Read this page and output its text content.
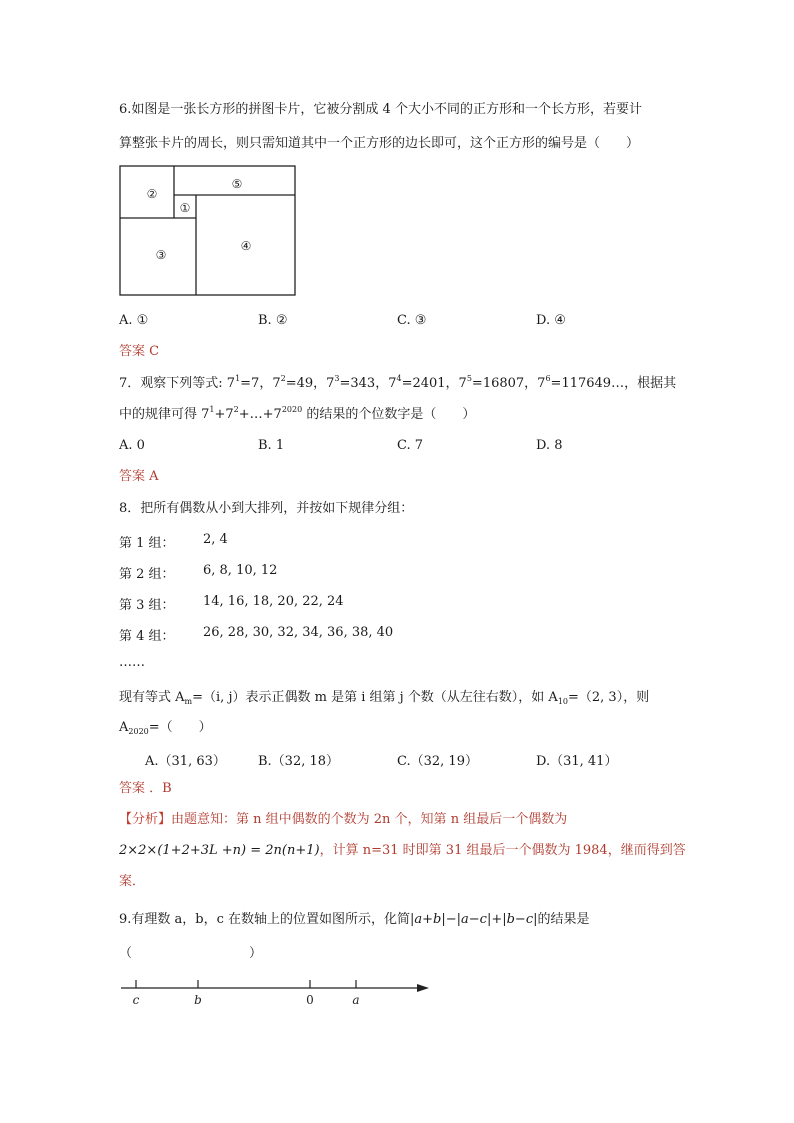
6.如图是一张长方形的拼图卡片，它被分割成 4 个大小不同的正方形和一个长方形，若要计
算整张卡片的周长，则只需知道其中一个正方形的边长即可，这个正方形的编号是（　　）
②
⑤
①
③
④
A. ①	B. ②	C. ③	D. ④
答案 C
7．观察下列等式: $7^1=7$，$7^2=49$，$7^3=343$，$7^4=2401$，$7^5=16807$，$7^6=117649\dots$，根据其
中的规律可得 $7^1+7^2+\dots+7^{2020}$ 的结果的个位数字是（　　）
A. 0	B. 1	C. 7	D. 8
答案 A
8．把所有偶数从小到大排列，并按如下规律分组：
第 1 组： 2, 4
第 2 组： 6, 8, 10, 12
第 3 组： 14, 16, 18, 20, 22, 24
第 4 组： 26, 28, 30, 32, 34, 36, 38, 40
……
现有等式 $A_m=(i$, j）表示正偶数 m 是第 i 组第 j 个数（从左往右数），如 $A_{10}=(2$, 3），则
$A_{2020}=$（　　）
A.（31, 63） B.（32, 18）	C.（32, 19）	D.（31, 41）
答案 ．B
【分析】由题意知：第 n 组中偶数的个数为 2n 个，知第 n 组最后一个偶数为
2×2×(1+2+3L +n) = 2n(n+1)，计算 n=31 时即第 31 组最后一个偶数为 1984，继而得到答
案．
9.有理数 a，b，c 在数轴上的位置如图所示，化简|a+b|−|a−c|+|b−c|的结果是
（　　　　　　　　　）
c	b	0	a
